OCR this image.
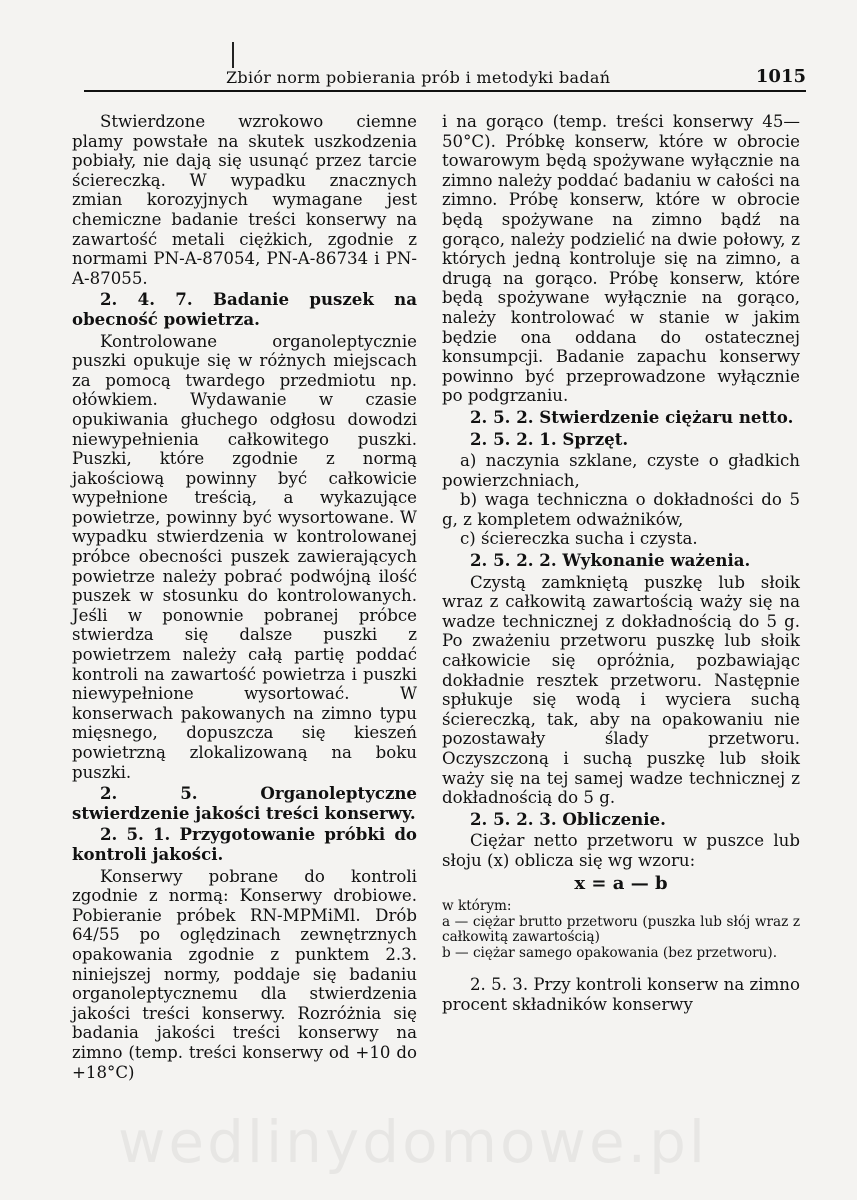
Zbiór norm pobierania prób i metodyki badań	1015

Stwierdzone wzrokowo ciemne plamy powstałe na skutek uszkodzenia pobiały, nie dają się usunąć przez tarcie ściereczką. W wypadku znacznych zmian korozyjnych wymagane jest chemiczne badanie treści konserwy na zawartość metali ciężkich, zgodnie z normami PN-A-87054, PN-A-86734 i PN-A-87055.

2. 4. 7. Badanie puszek na obecność powietrza.

Kontrolowane organoleptycznie puszki opukuje się w różnych miejscach za pomocą twardego przedmiotu np. ołówkiem. Wydawanie w czasie opukiwania głuchego odgłosu dowodzi niewypełnienia całkowitego puszki. Puszki, które zgodnie z normą jakościową powinny być całkowicie wypełnione treścią, a wykazujące powietrze, powinny być wysortowane. W wypadku stwierdzenia w kontrolowanej próbce obecności puszek zawierających powietrze należy pobrać podwójną ilość puszek w stosunku do kontrolowanych. Jeśli w ponownie pobranej próbce stwierdza się dalsze puszki z powietrzem należy całą partię poddać kontroli na zawartość powietrza i puszki niewypełnione wysortować. W konserwach pakowanych na zimno typu mięsnego, dopuszcza się kieszeń powietrzną zlokalizowaną na boku puszki.

2. 5. Organoleptyczne stwierdzenie jakości treści konserwy.

2. 5. 1. Przygotowanie próbki do kontroli jakości.

Konserwy pobrane do kontroli zgodnie z normą: Konserwy drobiowe. Pobieranie próbek RN-MPMiMl. Drób 64/55 po oględzinach zewnętrznych opakowania zgodnie z punktem 2.3. niniejszej normy, poddaje się badaniu organoleptycznemu dla stwierdzenia jakości treści konserwy. Rozróżnia się badania jakości treści konserwy na zimno (temp. treści konserwy od +10 do +18°C)

i na gorąco (temp. treści konserwy 45—50°C). Próbkę konserw, które w obrocie towarowym będą spożywane wyłącznie na zimno należy poddać badaniu w całości na zimno. Próbę konserw, które w obrocie będą spożywane na zimno bądź na gorąco, należy podzielić na dwie połowy, z których jedną kontroluje się na zimno, a drugą na gorąco. Próbę konserw, które będą spożywane wyłącznie na gorąco, należy kontrolować w stanie w jakim będzie ona oddana do ostatecznej konsumpcji. Badanie zapachu konserwy powinno być przeprowadzone wyłącznie po podgrzaniu.

2. 5. 2. Stwierdzenie ciężaru netto.

2. 5. 2. 1. Sprzęt.

a) naczynia szklane, czyste o gładkich powierzchniach,

b) waga techniczna o dokładności do 5 g, z kompletem odważników,

c) ściereczka sucha i czysta.

2. 5. 2. 2. Wykonanie ważenia.

Czystą zamkniętą puszkę lub słoik wraz z całkowitą zawartością waży się na wadze technicznej z dokładnością do 5 g. Po zważeniu przetworu puszkę lub słoik całkowicie się opróżnia, pozbawiając dokładnie resztek przetworu. Następnie spłukuje się wodą i wyciera suchą ściereczką, tak, aby na opakowaniu nie pozostawały ślady przetworu. Oczyszczoną i suchą puszkę lub słoik waży się na tej samej wadze technicznej z dokładnością do 5 g.

2. 5. 2. 3. Obliczenie.

Ciężar netto przetworu w puszce lub słoju (x) oblicza się wg wzoru:

x = a — b

w którym:

a — ciężar brutto przetworu (puszka lub słój wraz z całkowitą zawartością)

b — ciężar samego opakowania (bez przetworu).

2. 5. 3. Przy kontroli konserw na zimno procent składników konserwy

wedlinydomowe.pl
